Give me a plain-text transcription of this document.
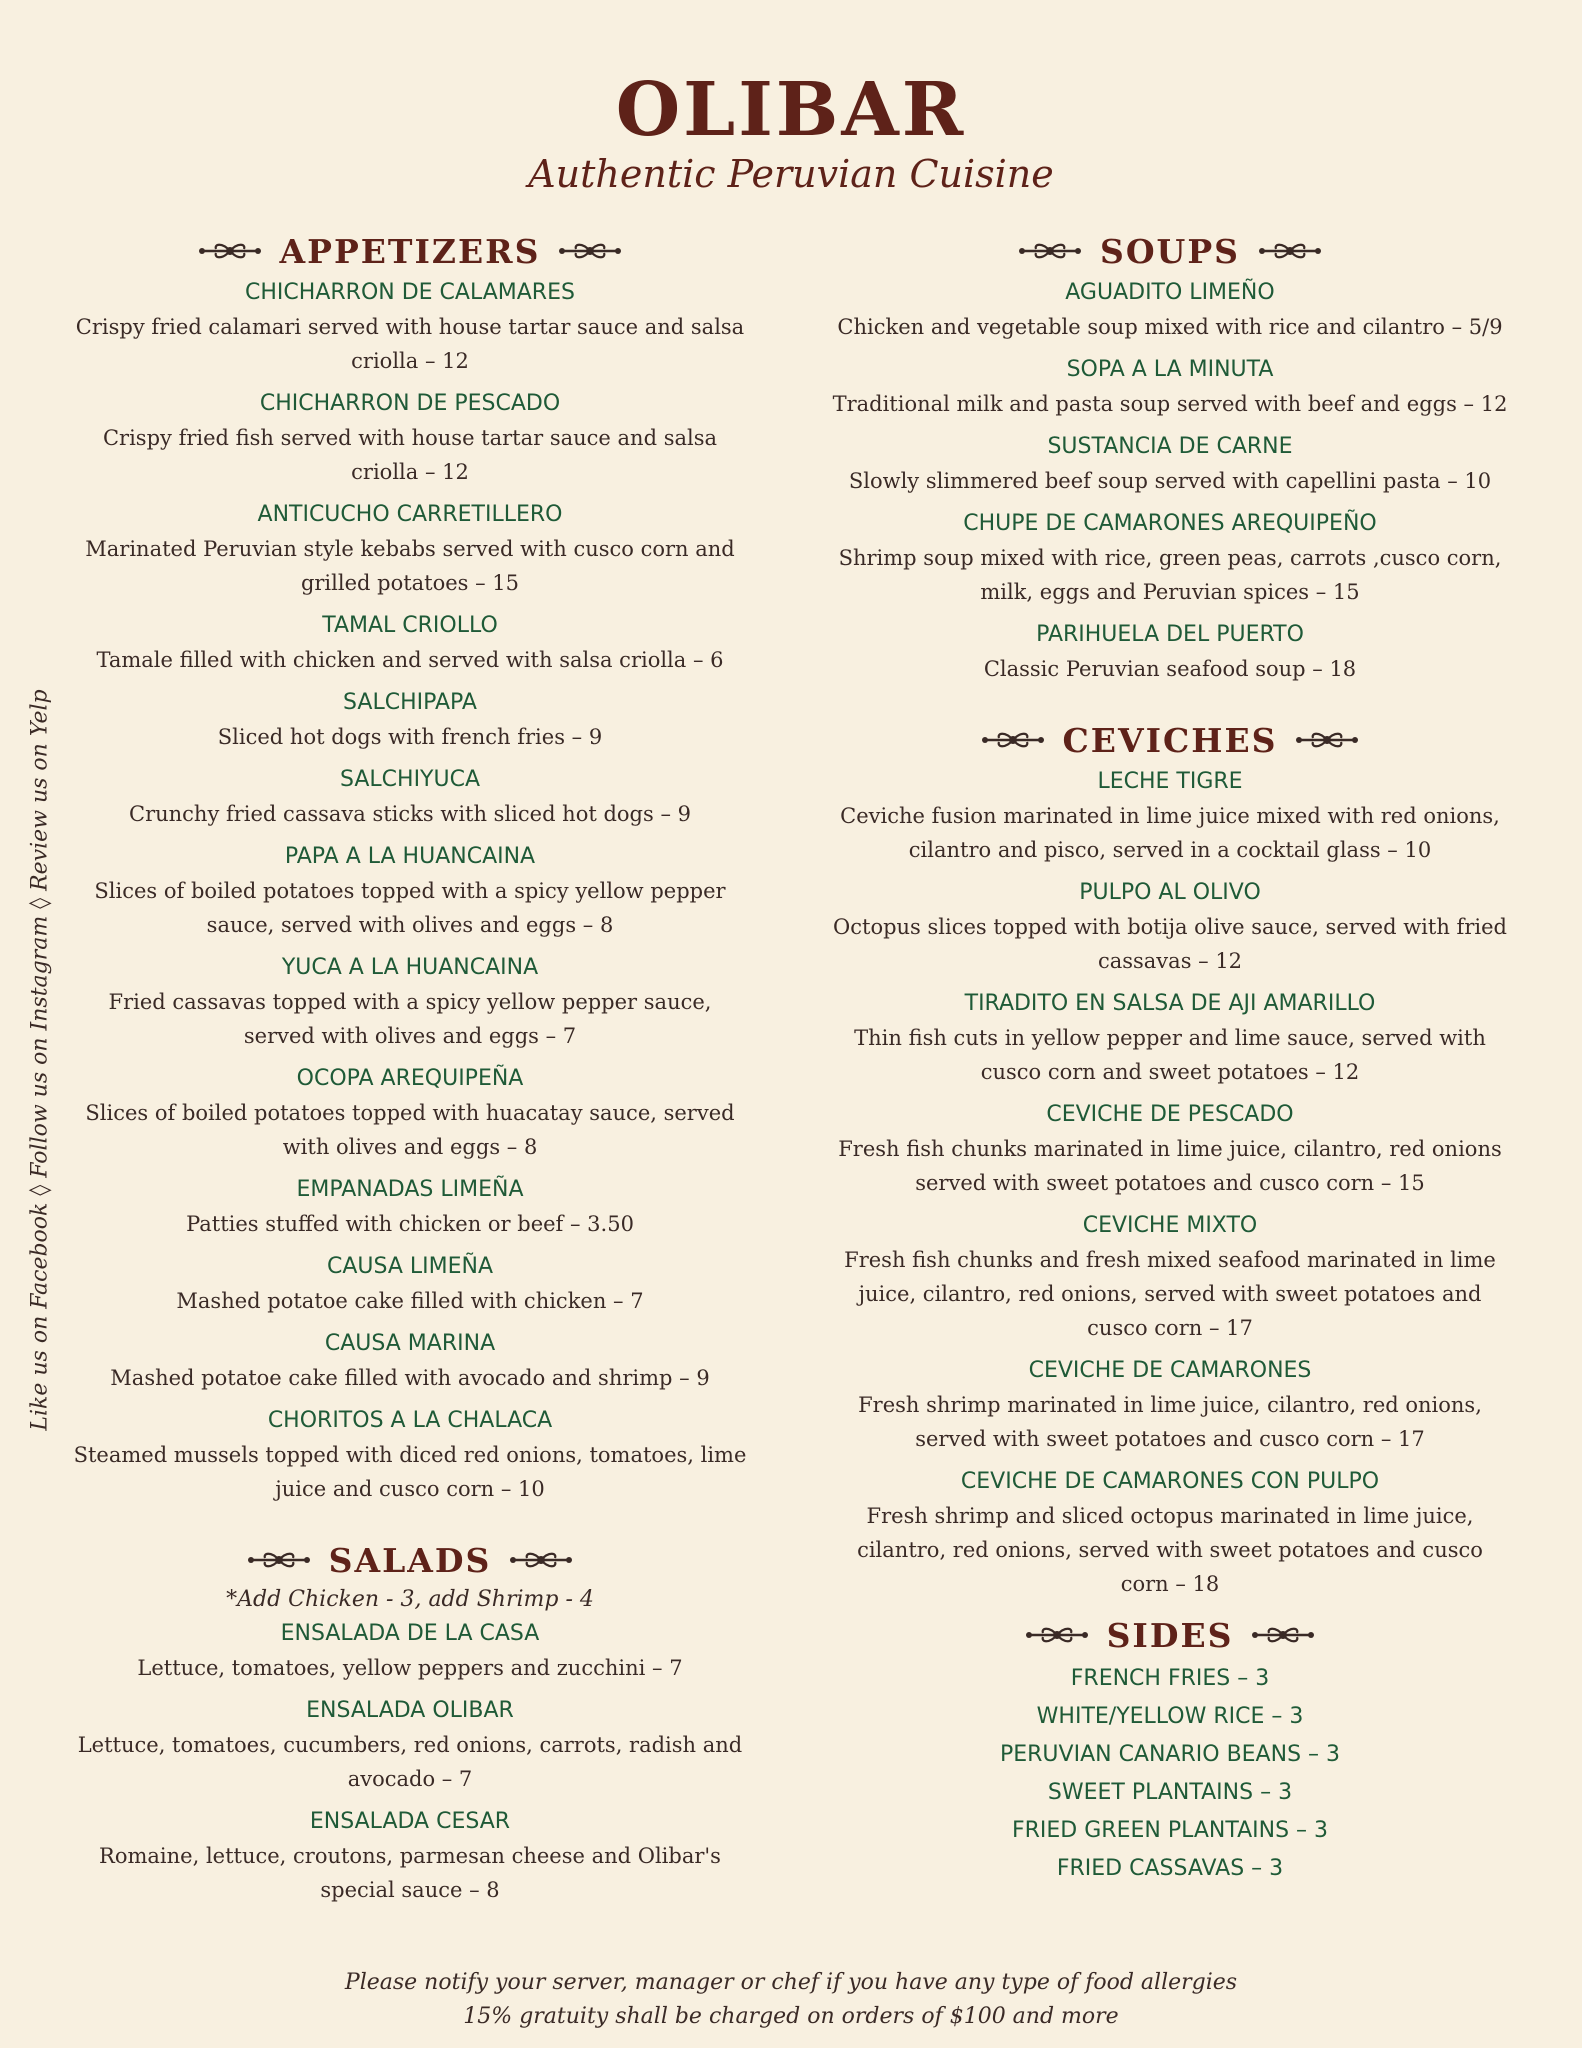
OLIBAR
Authentic Peruvian Cuisine
Like us on Facebook ◊ Follow us on Instagram ◊ Review us on Yelp
APPETIZERS
CHICHARRON DE CALAMARES
Crispy fried calamari served with house tartar sauce and salsa criolla – 12
CHICHARRON DE PESCADO
Crispy fried fish served with house tartar sauce and salsa criolla – 12
ANTICUCHO CARRETILLERO
Marinated Peruvian style kebabs served with cusco corn and grilled potatoes – 15
TAMAL CRIOLLO
Tamale filled with chicken and served with salsa criolla – 6
SALCHIPAPA
Sliced hot dogs with french fries – 9
SALCHIYUCA
Crunchy fried cassava sticks with sliced hot dogs – 9
PAPA A LA HUANCAINA
Slices of boiled potatoes topped with a spicy yellow pepper sauce, served with olives and eggs – 8
YUCA A LA HUANCAINA
Fried cassavas topped with a spicy yellow pepper sauce, served with olives and eggs – 7
OCOPA AREQUIPEÑA
Slices of boiled potatoes topped with huacatay sauce, served with olives and eggs – 8
EMPANADAS LIMEÑA
Patties stuffed with chicken or beef – 3.50
CAUSA LIMEÑA
Mashed potatoe cake filled with chicken – 7
CAUSA MARINA
Mashed potatoe cake filled with avocado and shrimp – 9
CHORITOS A LA CHALACA
Steamed mussels topped with diced red onions, tomatoes, lime juice and cusco corn – 10
SALADS
*Add Chicken - 3, add Shrimp - 4
ENSALADA DE LA CASA
Lettuce, tomatoes, yellow peppers and zucchini – 7
ENSALADA OLIBAR
Lettuce, tomatoes, cucumbers, red onions, carrots, radish and avocado – 7
ENSALADA CESAR
Romaine, lettuce, croutons, parmesan cheese and Olibar's special sauce – 8
SOUPS
AGUADITO LIMEÑO
Chicken and vegetable soup mixed with rice and cilantro – 5/9
SOPA A LA MINUTA
Traditional milk and pasta soup served with beef and eggs – 12
SUSTANCIA DE CARNE
Slowly slimmered beef soup served with capellini pasta – 10
CHUPE DE CAMARONES AREQUIPEÑO
Shrimp soup mixed with rice, green peas, carrots ,cusco corn, milk, eggs and Peruvian spices – 15
PARIHUELA DEL PUERTO
Classic Peruvian seafood soup – 18
CEVICHES
LECHE TIGRE
Ceviche fusion marinated in lime juice mixed with red onions, cilantro and pisco, served in a cocktail glass – 10
PULPO AL OLIVO
Octopus slices topped with botija olive sauce, served with fried cassavas – 12
TIRADITO EN SALSA DE AJI AMARILLO
Thin fish cuts in yellow pepper and lime sauce, served with cusco corn and sweet potatoes – 12
CEVICHE DE PESCADO
Fresh fish chunks marinated in lime juice, cilantro, red onions served with sweet potatoes and cusco corn – 15
CEVICHE MIXTO
Fresh fish chunks and fresh mixed seafood marinated in lime juice, cilantro, red onions, served with sweet potatoes and cusco corn – 17
CEVICHE DE CAMARONES
Fresh shrimp marinated in lime juice, cilantro, red onions, served with sweet potatoes and cusco corn – 17
CEVICHE DE CAMARONES CON PULPO
Fresh shrimp and sliced octopus marinated in lime juice, cilantro, red onions, served with sweet potatoes and cusco corn – 18
SIDES
FRENCH FRIES – 3
WHITE/YELLOW RICE – 3
PERUVIAN CANARIO BEANS – 3
SWEET PLANTAINS – 3
FRIED GREEN PLANTAINS – 3
FRIED CASSAVAS – 3
Please notify your server, manager or chef if you have any type of food allergies
15% gratuity shall be charged on orders of $100 and more
